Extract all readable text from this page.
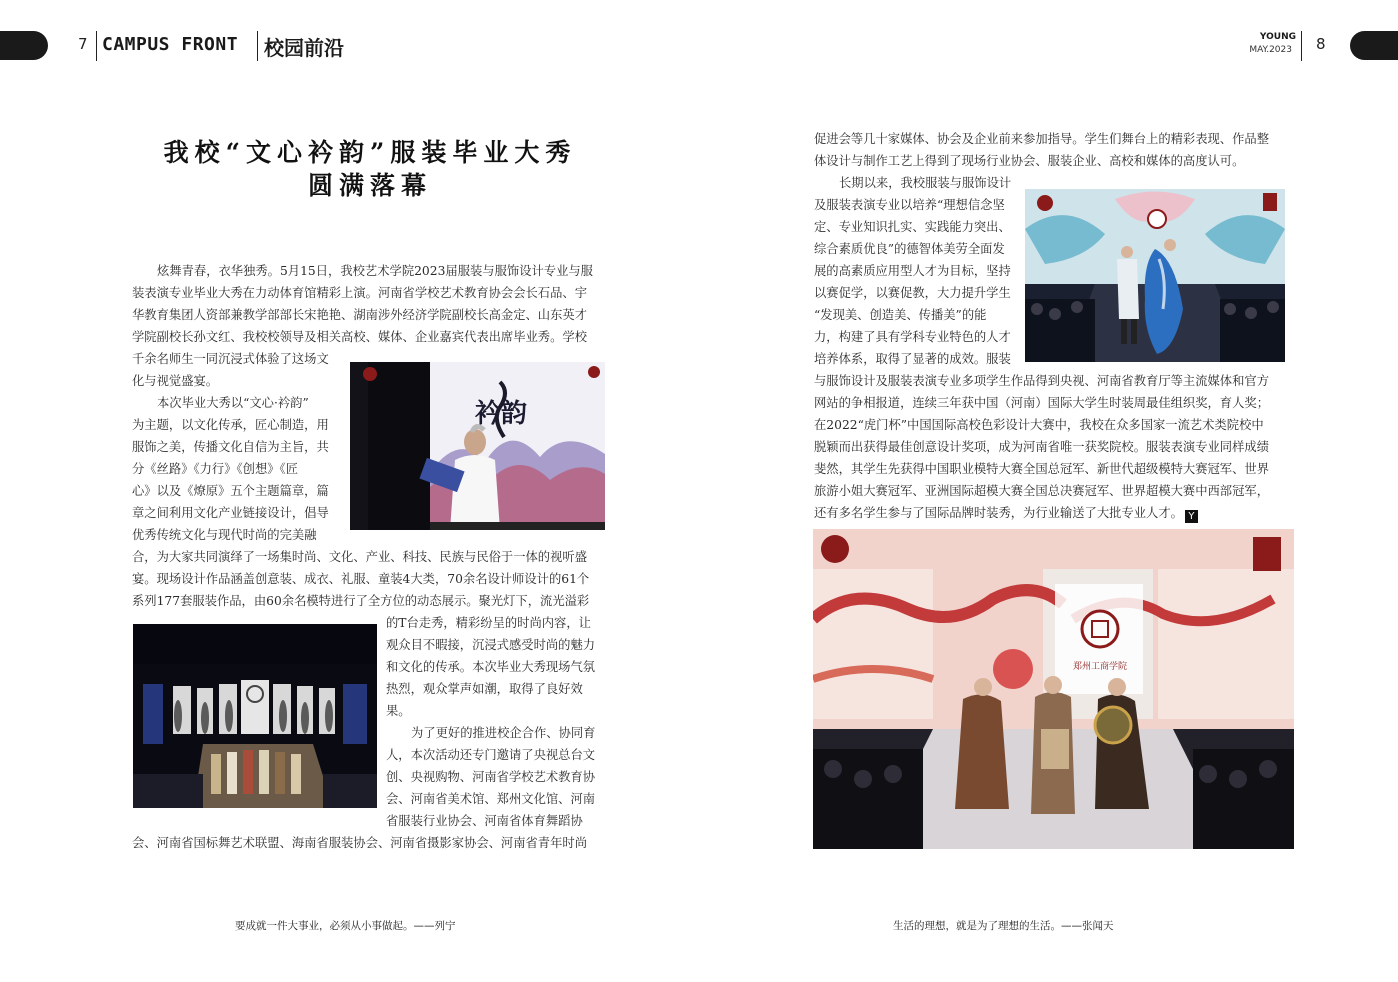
7 CAMPUS FRONT 校园前沿	YOUNG
MAY.2023 8
我校“文心衿韵”服装毕业大秀
圆满落幕

炫舞青春，衣华独秀。5月15日，我校艺术学院2023届服装与服饰设计专业与服

装表演专业毕业大秀在力动体育馆精彩上演。河南省学校艺术教育协会会长石品、宇

华教育集团人资部兼教学部部长宋艳艳、湖南涉外经济学院副校长高金定、山东英才

学院副校长孙文红、我校校领导及相关高校、媒体、企业嘉宾代表出席毕业秀。学校

千余名师生一同沉浸式体验了这场文

化与视觉盛宴。

本次毕业大秀以“文心·衿韵”

为主题，以文化传承，匠心制造，用

服饰之美，传播文化自信为主旨，共

分《丝路》《力行》《创想》《匠

心》以及《燎原》五个主题篇章，篇

章之间利用文化产业链接设计，倡导

优秀传统文化与现代时尚的完美融

合，为大家共同演绎了一场集时尚、文化、产业、科技、民族与民俗于一体的视听盛

宴。现场设计作品涵盖创意装、成衣、礼服、童装4大类，70余名设计师设计的61个

系列177套服装作品，由60余名模特进行了全方位的动态展示。聚光灯下，流光溢彩

的T台走秀，精彩纷呈的时尚内容，让

观众目不暇接，沉浸式感受时尚的魅力

和文化的传承。本次毕业大秀现场气氛

热烈，观众掌声如潮，取得了良好效

果。

为了更好的推进校企合作、协同育

人，本次活动还专门邀请了央视总台文

创、央视购物、河南省学校艺术教育协

会、河南省美术馆、郑州文化馆、河南

省服装行业协会、河南省体育舞蹈协

会、河南省国标舞艺术联盟、海南省服装协会、河南省摄影家协会、河南省青年时尚

衿韵

促进会等几十家媒体、协会及企业前来参加指导。学生们舞台上的精彩表现、作品整

体设计与制作工艺上得到了现场行业协会、服装企业、高校和媒体的高度认可。

长期以来，我校服装与服饰设计

及服装表演专业以培养“理想信念坚

定、专业知识扎实、实践能力突出、

综合素质优良”的德智体美劳全面发

展的高素质应用型人才为目标，坚持

以赛促学，以赛促教，大力提升学生

“发现美、创造美、传播美”的能

力，构建了具有学科专业特色的人才

培养体系，取得了显著的成效。服装

与服饰设计及服装表演专业多项学生作品得到央视、河南省教育厅等主流媒体和官方

网站的争相报道，连续三年获中国（河南）国际大学生时装周最佳组织奖，育人奖；

在2022“虎门杯”中国国际高校色彩设计大赛中，我校在众多国家一流艺术类院校中

脱颖而出获得最佳创意设计奖项，成为河南省唯一获奖院校。服装表演专业同样成绩

斐然，其学生先获得中国职业模特大赛全国总冠军、新世代超级模特大赛冠军、世界

旅游小姐大赛冠军、亚洲国际超模大赛全国总决赛冠军、世界超模大赛中西部冠军，

还有多名学生参与了国际品牌时装秀，为行业输送了大批专业人才。 Y

郑州工商学院
要成就一件大事业，必须从小事做起。——列宁	生活的理想，就是为了理想的生活。——张闻天
